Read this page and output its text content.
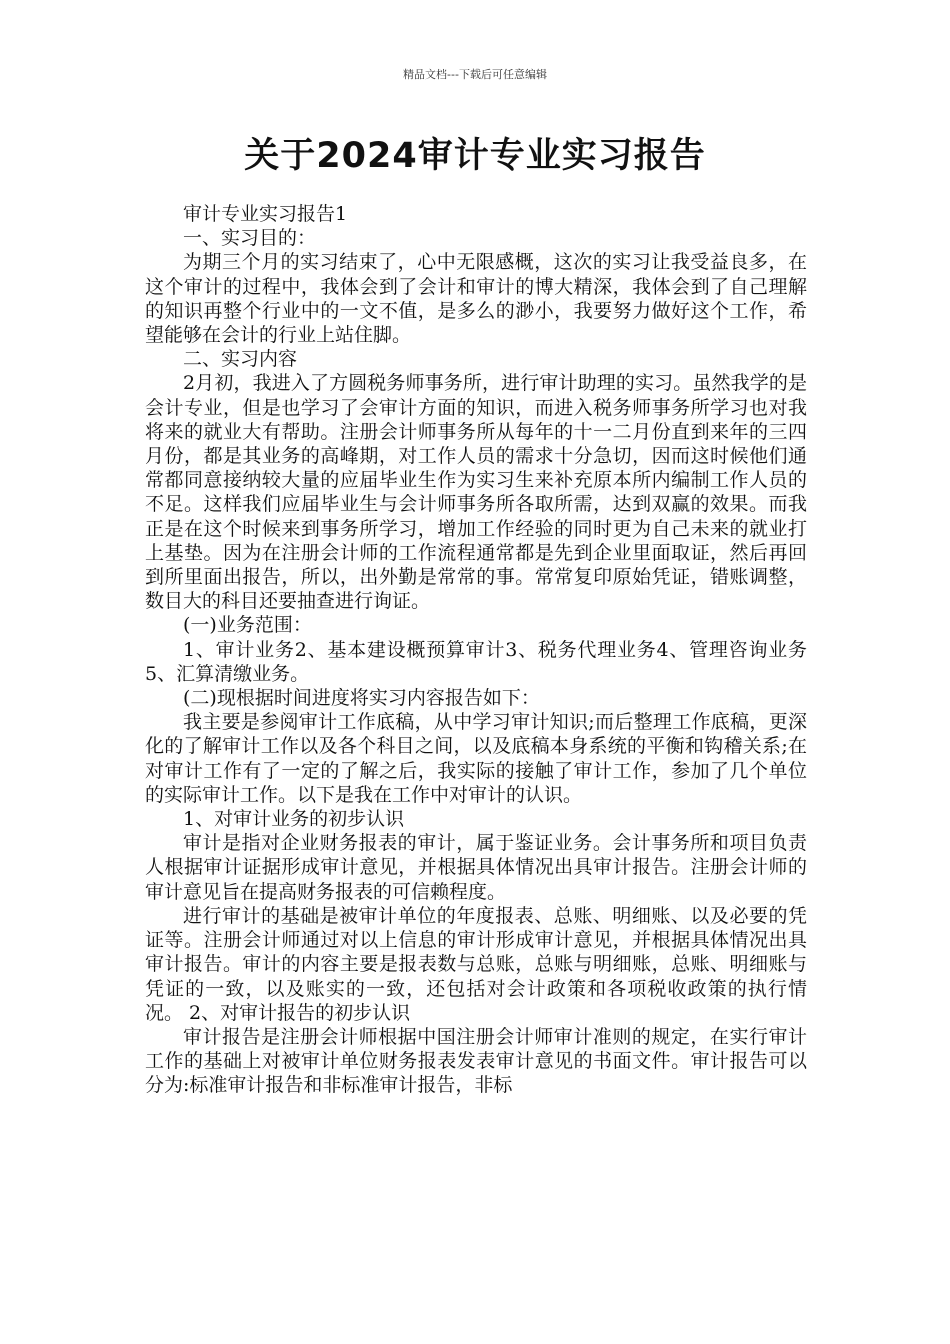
精品文档---下载后可任意编辑
关于2024审计专业实习报告

审计专业实习报告1

一、实习目的：

为期三个月的实习结束了，心中无限感概，这次的实习让我受益良多，在这个审计的过程中，我体会到了会计和审计的博大精深，我体会到了自己理解的知识再整个行业中的一文不值，是多么的渺小，我要努力做好这个工作，希望能够在会计的行业上站住脚。

二、实习内容

2月初，我进入了方圆税务师事务所，进行审计助理的实习。虽然我学的是会计专业，但是也学习了会审计方面的知识，而进入税务师事务所学习也对我将来的就业大有帮助。注册会计师事务所从每年的十一二月份直到来年的三四月份，都是其业务的高峰期，对工作人员的需求十分急切，因而这时候他们通常都同意接纳较大量的应届毕业生作为实习生来补充原本所内编制工作人员的不足。这样我们应届毕业生与会计师事务所各取所需，达到双赢的效果。而我正是在这个时候来到事务所学习，增加工作经验的同时更为自己未来的就业打上基垫。因为在注册会计师的工作流程通常都是先到企业里面取证，然后再回到所里面出报告，所以，出外勤是常常的事。常常复印原始凭证，错账调整，数目大的科目还要抽查进行询证。

(一)业务范围：

1、审计业务2、基本建设概预算审计3、税务代理业务4、管理咨询业务 5、汇算清缴业务。

(二)现根据时间进度将实习内容报告如下：

我主要是参阅审计工作底稿，从中学习审计知识;而后整理工作底稿，更深化的了解审计工作以及各个科目之间，以及底稿本身系统的平衡和钩稽关系;在对审计工作有了一定的了解之后，我实际的接触了审计工作，参加了几个单位的实际审计工作。以下是我在工作中对审计的认识。

1、对审计业务的初步认识

审计是指对企业财务报表的审计，属于鉴证业务。会计事务所和项目负责人根据审计证据形成审计意见，并根据具体情况出具审计报告。注册会计师的审计意见旨在提高财务报表的可信赖程度。

进行审计的基础是被审计单位的年度报表、总账、明细账、以及必要的凭证等。注册会计师通过对以上信息的审计形成审计意见，并根据具体情况出具审计报告。审计的内容主要是报表数与总账，总账与明细账，总账、明细账与凭证的一致，以及账实的一致，还包括对会计政策和各项税收政策的执行情况。 2、对审计报告的初步认识

审计报告是注册会计师根据中国注册会计师审计准则的规定，在实行审计工作的基础上对被审计单位财务报表发表审计意见的书面文件。审计报告可以分为:标准审计报告和非标准审计报告，非标
